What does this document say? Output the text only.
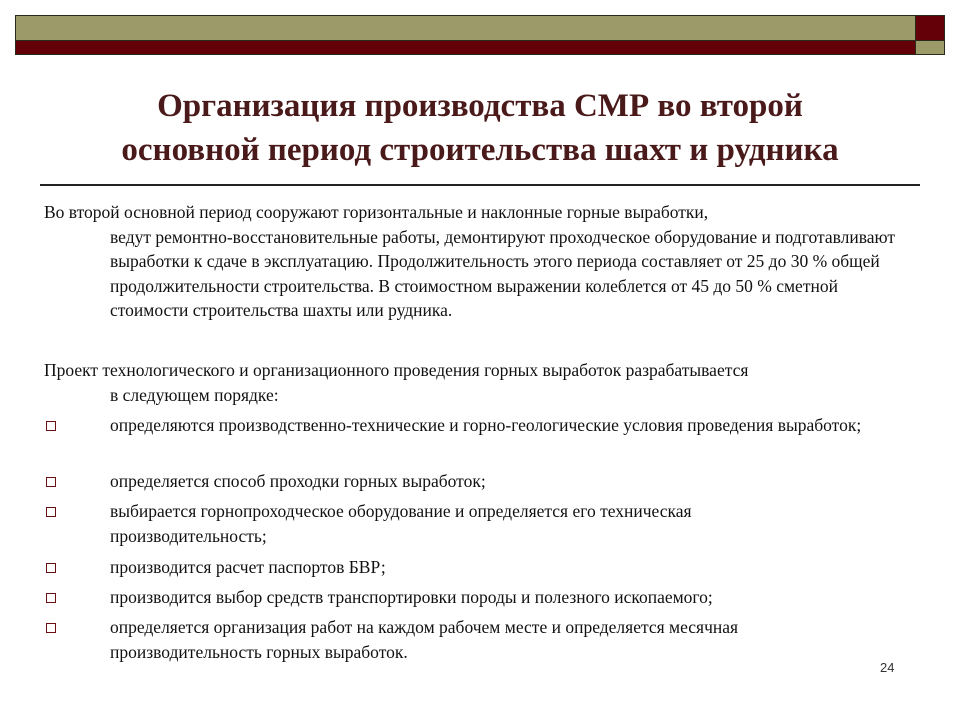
Организация производства СМР во второй
основной период строительства шахт и рудника
Во второй основной период сооружают горизонтальные и наклонные горные выработки,
ведут ремонтно-восстановительные работы, демонтируют проходческое оборудование и подготавливают выработки к сдаче в эксплуатацию. Продолжительность этого периода составляет от 25 до 30 % общей продолжительности строительства. В стоимостном выражении колеблется от 45 до 50 % сметной стоимости строительства шахты или рудника.
Проект технологического и организационного проведения горных выработок разрабатывается
в следующем порядке:
определяются производственно-технические и горно-геологические условия проведения выработок;
определяется способ проходки горных выработок;
выбирается горнопроходческое оборудование и определяется его техническая производительность;
производится расчет паспортов БВР;
производится выбор средств транспортировки породы и полезного ископаемого;
определяется организация работ на каждом рабочем месте и определяется месячная производительность горных выработок.
24
